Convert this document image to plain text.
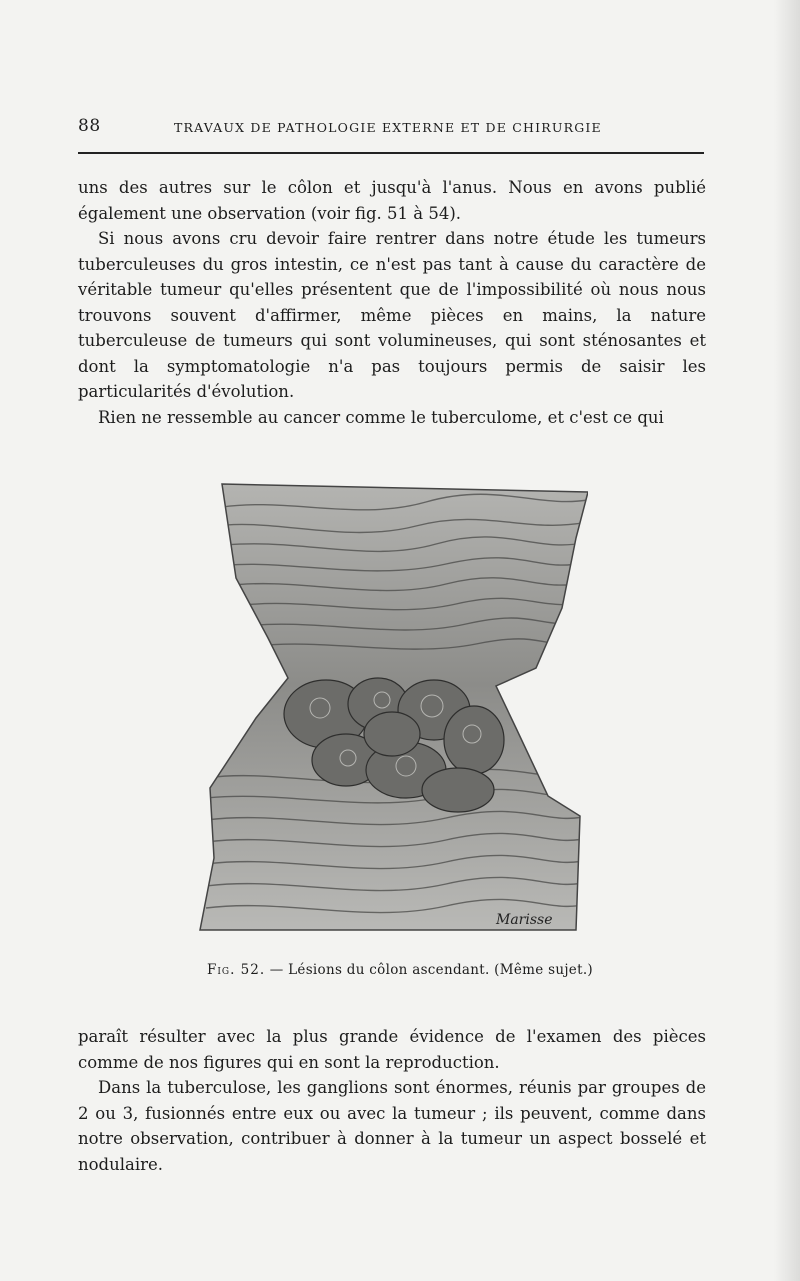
88	TRAVAUX DE PATHOLOGIE EXTERNE ET DE CHIRURGIE

uns des autres sur le côlon et jusqu'à l'anus. Nous en avons publié également une observation (voir fig. 51 à 54).

Si nous avons cru devoir faire rentrer dans notre étude les tumeurs tuberculeuses du gros intestin, ce n'est pas tant à cause du caractère de véritable tumeur qu'elles présentent que de l'impossibilité où nous nous trouvons souvent d'affirmer, même pièces en mains, la nature tuberculeuse de tumeurs qui sont volumineuses, qui sont sténosantes et dont la symptomatologie n'a pas toujours permis de saisir les particularités d'évolution.

Rien ne ressemble au cancer comme le tuberculome, et c'est ce qui

Marisse
Fig. 52. — Lésions du côlon ascendant. (Même sujet.)

paraît résulter avec la plus grande évidence de l'examen des pièces comme de nos figures qui en sont la reproduction.

Dans la tuberculose, les ganglions sont énormes, réunis par groupes de 2 ou 3, fusionnés entre eux ou avec la tumeur ; ils peuvent, comme dans notre observation, contribuer à donner à la tumeur un aspect bosselé et nodulaire.
